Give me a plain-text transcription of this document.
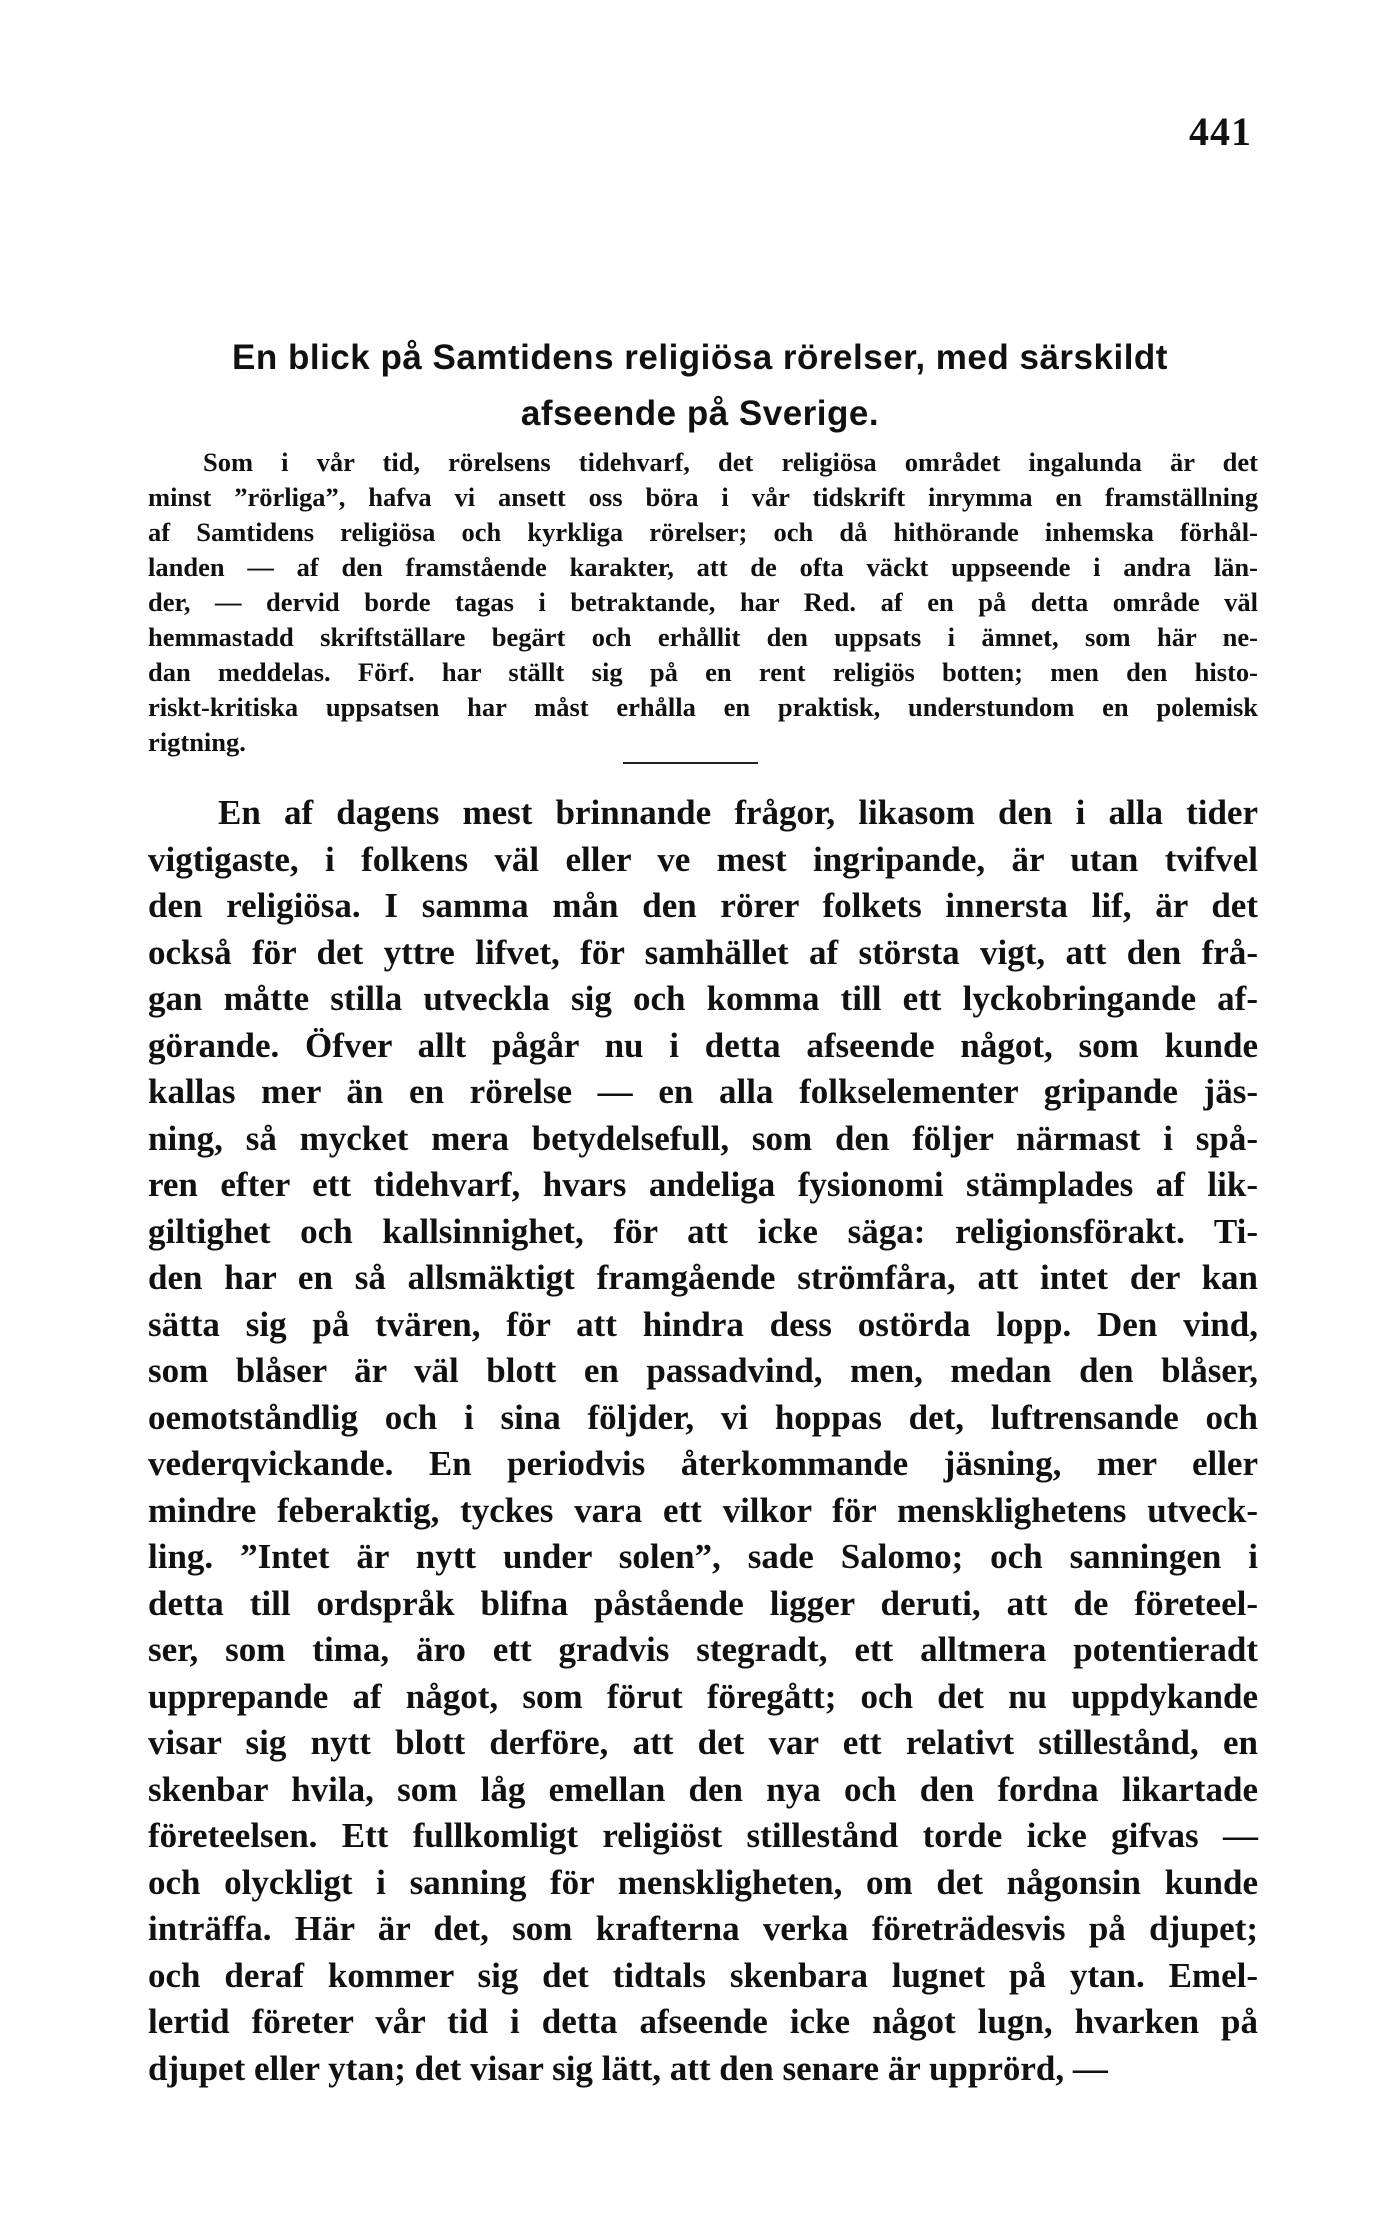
441
En blick på Samtidens religiösa rörelser, med särskildt
afseende på Sverige.
Som i vår tid, rörelsens tidehvarf, det religiösa området ingalunda är det
minst ”rörliga”, hafva vi ansett oss böra i vår tidskrift inrymma en framställning
af Samtidens religiösa och kyrkliga rörelser; och då hithörande inhemska förhål-
landen — af den framstående karakter, att de ofta väckt uppseende i andra län-
der, — dervid borde tagas i betraktande, har Red. af en på detta område väl
hemmastadd skriftställare begärt och erhållit den uppsats i ämnet, som här ne-
dan meddelas. Förf. har ställt sig på en rent religiös botten; men den histo-
riskt-kritiska uppsatsen har måst erhålla en praktisk, understundom en polemisk
rigtning.
En af dagens mest brinnande frågor, likasom den i alla tider
vigtigaste, i folkens väl eller ve mest ingripande, är utan tvifvel
den religiösa. I samma mån den rörer folkets innersta lif, är det
också för det yttre lifvet, för samhället af största vigt, att den frå-
gan måtte stilla utveckla sig och komma till ett lyckobringande af-
görande. Öfver allt pågår nu i detta afseende något, som kunde
kallas mer än en rörelse — en alla folkselementer gripande jäs-
ning, så mycket mera betydelsefull, som den följer närmast i spå-
ren efter ett tidehvarf, hvars andeliga fysionomi stämplades af lik-
giltighet och kallsinnighet, för att icke säga: religionsförakt. Ti-
den har en så allsmäktigt framgående strömfåra, att intet der kan
sätta sig på tvären, för att hindra dess ostörda lopp. Den vind,
som blåser är väl blott en passadvind, men, medan den blåser,
oemotståndlig och i sina följder, vi hoppas det, luftrensande och
vederqvickande. En periodvis återkommande jäsning, mer eller
mindre feberaktig, tyckes vara ett vilkor för mensklighetens utveck-
ling. ”Intet är nytt under solen”, sade Salomo; och sanningen i
detta till ordspråk blifna påstående ligger deruti, att de företeel-
ser, som tima, äro ett gradvis stegradt, ett alltmera potentieradt
upprepande af något, som förut föregått; och det nu uppdykande
visar sig nytt blott derföre, att det var ett relativt stillestånd, en
skenbar hvila, som låg emellan den nya och den fordna likartade
företeelsen. Ett fullkomligt religiöst stillestånd torde icke gifvas —
och olyckligt i sanning för menskligheten, om det någonsin kunde
inträffa. Här är det, som krafterna verka företrädesvis på djupet;
och deraf kommer sig det tidtals skenbara lugnet på ytan. Emel-
lertid företer vår tid i detta afseende icke något lugn, hvarken på
djupet eller ytan; det visar sig lätt, att den senare är upprörd, —
